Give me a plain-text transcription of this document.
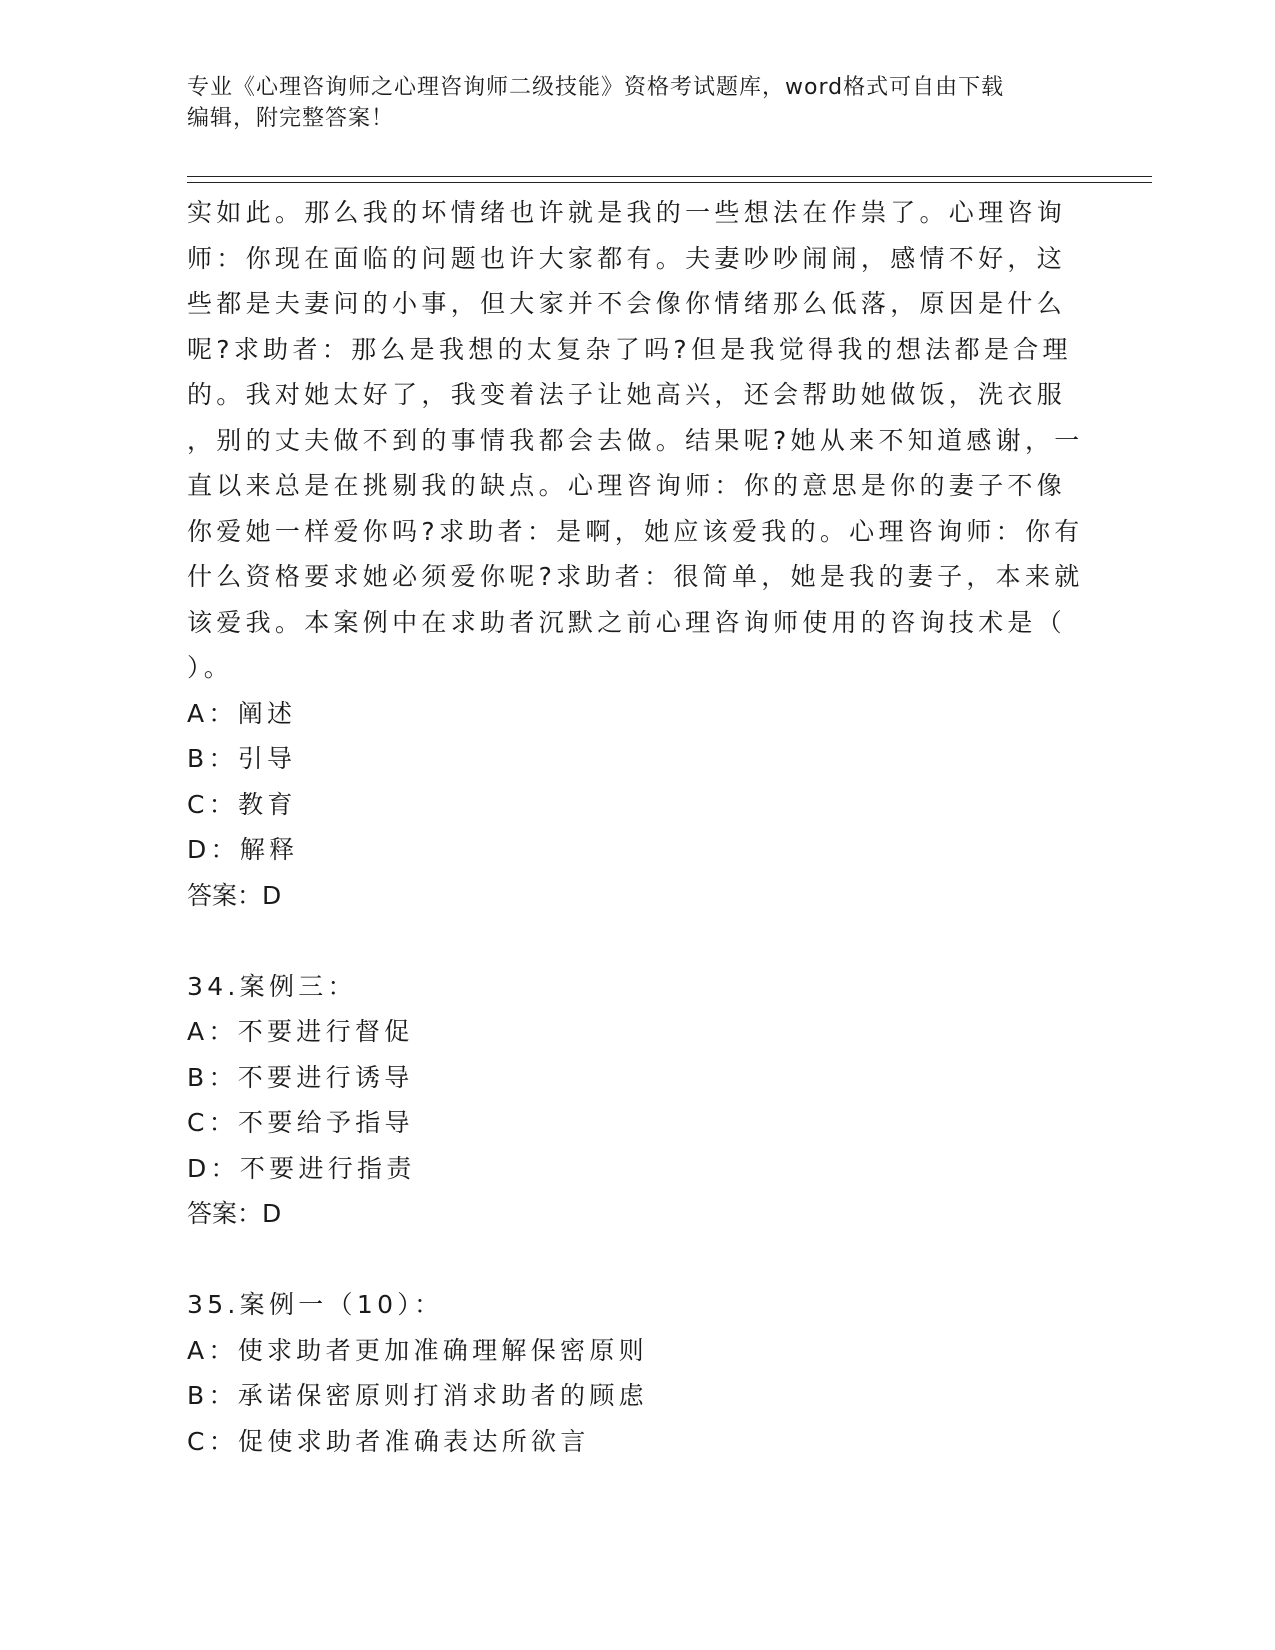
专业《心理咨询师之心理咨询师二级技能》资格考试题库，word格式可自由下载
编辑，附完整答案！
实如此。那么我的坏情绪也许就是我的一些想法在作祟了。心理咨询
师：你现在面临的问题也许大家都有。夫妻吵吵闹闹，感情不好，这
些都是夫妻问的小事，但大家并不会像你情绪那么低落，原因是什么
呢?求助者：那么是我想的太复杂了吗?但是我觉得我的想法都是合理
的。我对她太好了，我变着法子让她高兴，还会帮助她做饭，洗衣服
，别的丈夫做不到的事情我都会去做。结果呢?她从来不知道感谢，一
直以来总是在挑剔我的缺点。心理咨询师：你的意思是你的妻子不像
你爱她一样爱你吗?求助者：是啊，她应该爱我的。心理咨询师：你有
什么资格要求她必须爱你呢?求助者：很简单，她是我的妻子，本来就
该爱我。本案例中在求助者沉默之前心理咨询师使用的咨询技术是（
）。
A：阐述
B：引导
C：教育
D：解释
答案：D
34.案例三：
A：不要进行督促
B：不要进行诱导
C：不要给予指导
D：不要进行指责
答案：D
35.案例一（10）：
A：使求助者更加准确理解保密原则
B：承诺保密原则打消求助者的顾虑
C：促使求助者准确表达所欲言
